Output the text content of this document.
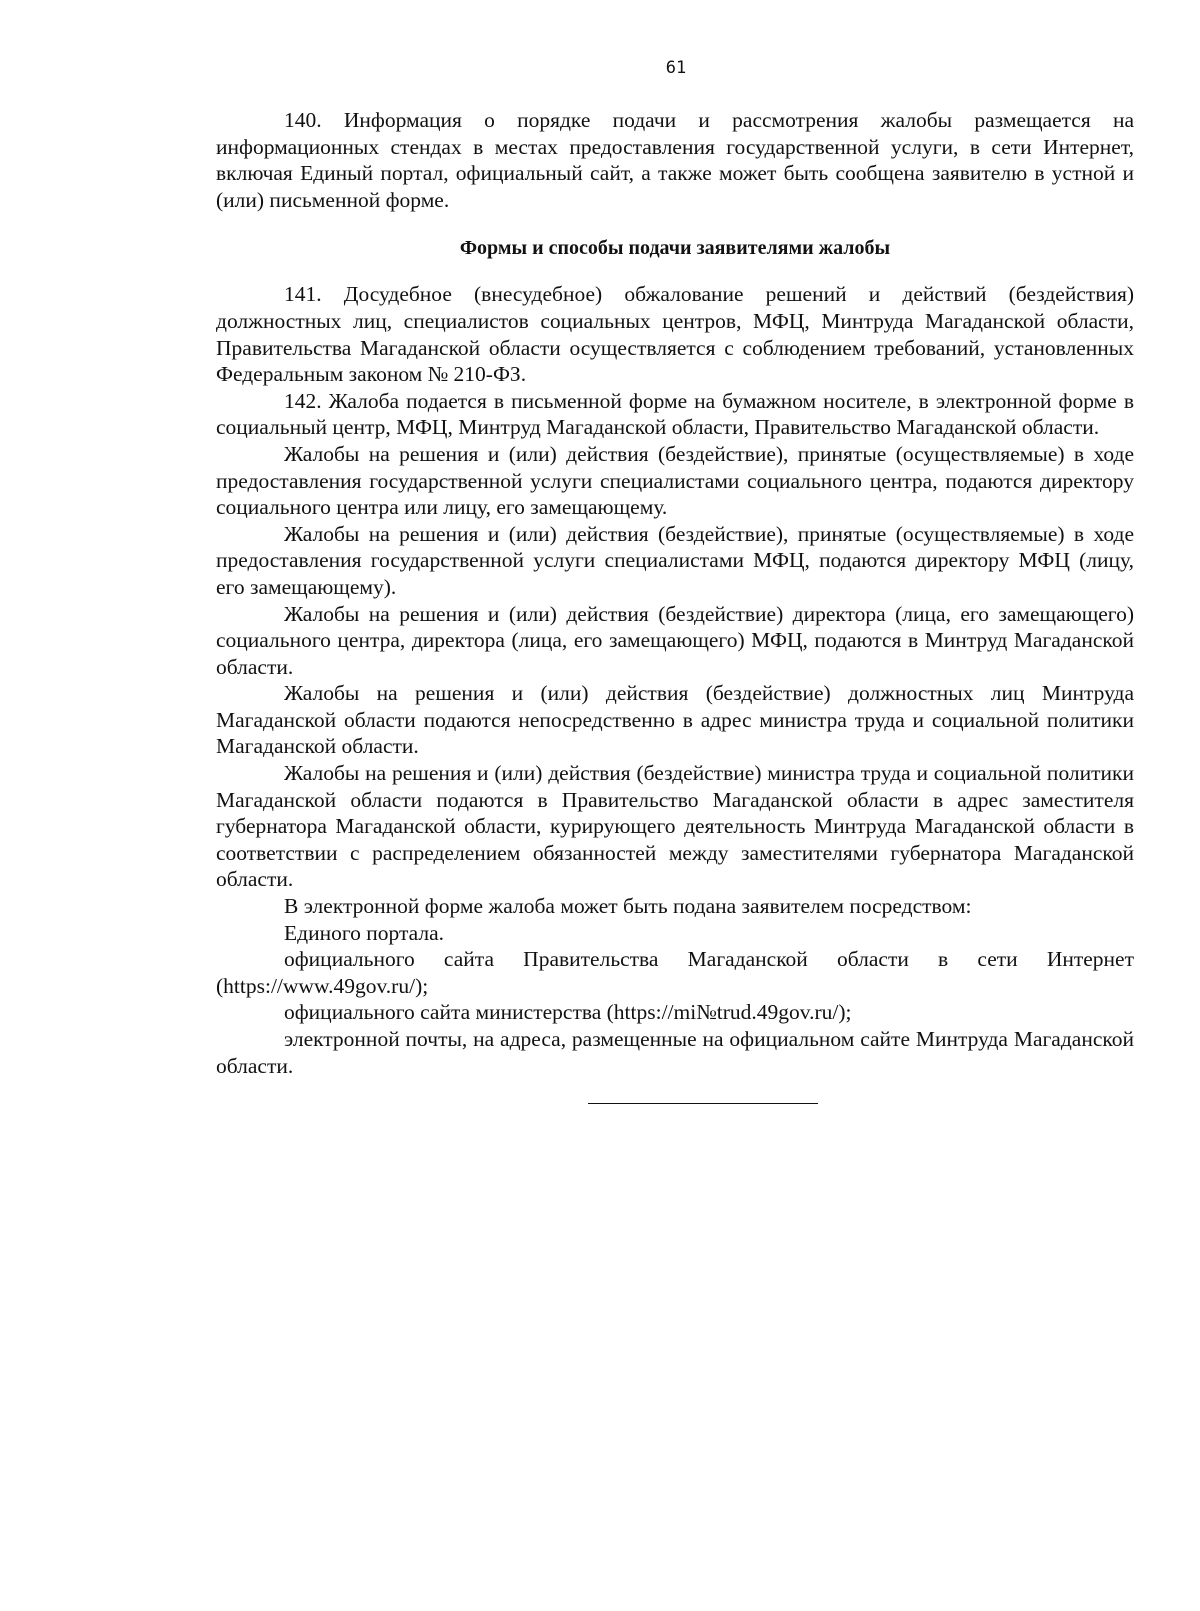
61

140. Информация о порядке подачи и рассмотрения жалобы размещается на информационных стендах в местах предоставления государственной услуги, в сети Интернет, включая Единый портал, официальный сайт, а также может быть сообщена заявителю в устной и (или) письменной форме.

Формы и способы подачи заявителями жалобы

141. Досудебное (внесудебное) обжалование решений и действий (бездействия) должностных лиц, специалистов социальных центров, МФЦ, Минтруда Магаданской области, Правительства Магаданской области осуществляется с соблюдением требований, установленных Федеральным законом № 210-ФЗ.

142. Жалоба подается в письменной форме на бумажном носителе, в электронной форме в социальный центр, МФЦ, Минтруд Магаданской области, Правительство Магаданской области.

Жалобы на решения и (или) действия (бездействие), принятые (осуществляемые) в ходе предоставления государственной услуги специалистами социального центра, подаются директору социального центра или лицу, его замещающему.

Жалобы на решения и (или) действия (бездействие), принятые (осуществляемые) в ходе предоставления государственной услуги специалистами МФЦ, подаются директору МФЦ (лицу, его замещающему).

Жалобы на решения и (или) действия (бездействие) директора (лица, его замещающего) социального центра, директора (лица, его замещающего) МФЦ, подаются в Минтруд Магаданской области.

Жалобы на решения и (или) действия (бездействие) должностных лиц Минтруда Магаданской области подаются непосредственно в адрес министра труда и социальной политики Магаданской области.

Жалобы на решения и (или) действия (бездействие) министра труда и социальной политики Магаданской области подаются в Правительство Магаданской области в адрес заместителя губернатора Магаданской области, курирующего деятельность Минтруда Магаданской области в соответствии с распределением обязанностей между заместителями губернатора Магаданской области.

В электронной форме жалоба может быть подана заявителем посредством:

Единого портала.

официального сайта Правительства Магаданской области в сети Интернет (https://www.49gov.ru/);

официального сайта министерства (https://mi№trud.49gov.ru/);

электронной почты, на адреса, размещенные на официальном сайте Минтруда Магаданской области.
